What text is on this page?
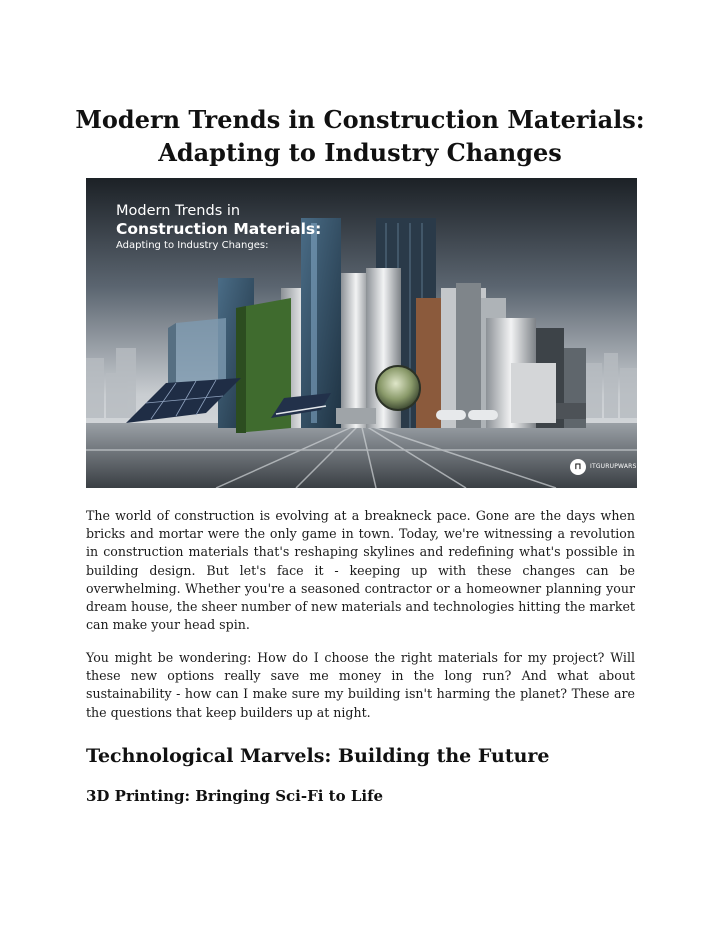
Modern Trends in Construction Materials: Adapting to Industry Changes
Modern Trends in
Construction Materials:
Adapting to Industry Changes:
⊓	ITGURUPWARS

The world of construction is evolving at a breakneck pace. Gone are the days when bricks and mortar were the only game in town. Today, we're witnessing a revolution in construction materials that's reshaping skylines and redefining what's possible in building design. But let's face it - keeping up with these changes can be overwhelming. Whether you're a seasoned contractor or a homeowner planning your dream house, the sheer number of new materials and technologies hitting the market can make your head spin.

You might be wondering: How do I choose the right materials for my project? Will these new options really save me money in the long run? And what about sustainability - how can I make sure my building isn't harming the planet? These are the questions that keep builders up at night.

Technological Marvels: Building the Future
3D Printing: Bringing Sci-Fi to Life
